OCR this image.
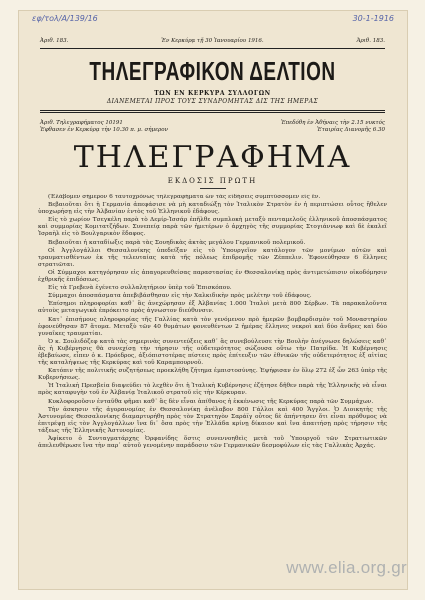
εφ/τολ/Α/139/16	30-1-1916
Ἀριθ. 183.	Ἐν Κερκύρᾳ τῇ 30 Ἰανουαρίου 1916.	Ἀριθ. 183.
ΤΗΛΕΓΡΑΦΙΚΟΝ ΔΕΛΤΙΟΝ
ΤΩΝ ΕΝ ΚΕΡΚΥΡΑ ΣΥΛΛΟΓΩΝ
ΔΙΑΝΕΜΕΤΑΙ ΠΡΟΣ ΤΟΥΣ ΣΥΝΔΡΟΜΗΤΑΣ ΔΙΣ ΤΗΣ ΗΜΕΡΑΣ
Ἀριθ. Τηλεγραφήματος 10191
Ἐφθασεν ἐν Κερκύρᾳ τὴν 10.30 π. μ. σήμερον
Ἐπεδόθη ἐν Ἀθήναις τὴν 2.15 νυκτός
Ἐταιρίας Διανομῆς 6.30
ΤΗΛΕΓΡΑΦΗΜΑ
ΕΚΔΟΣΙΣ ΠΡΩΤΗ

(Ἐλάβομεν σήμερον 6 ταυτοχρόνως τηλεγραφήματα ὧν τὰς εἰδήσεις συμπτύσσομεν εἰς ἕν.

Βεβαιοῦται ὅτι ἡ Γερμανία ἀπεφάσισε νὰ μὴ καταδιώξῃ τὸν Ἰταλικὸν Στρατὸν ἐν ἡ περιπτώσει οὗτος ἤθελεν ὑποχωρήσῃ εἰς τὴν Ἀλβανίαν ἐντὸς τοῦ Ἑλληνικοῦ ἐδάφους.

Εἰς τὸ χωρίον Τσεγκέλη παρὰ τὸ Δεμίρ-Ἱσσάρ ἐπῆλθε συμπλοκὴ μεταξὺ πενταμελοῦς ἑλληνικοῦ ἀποσπάσματος καὶ συμμορίας Κομιτατζήδων. Συνεπείᾳ παρὰ τῶν ἡμετέρων ὁ ἀρχηγὸς τῆς συμμορίας Στογιάννωφ καὶ δὲ ἐκαλεῖ Ἰσραὴλ εἰς τὸ Βουλγαρικὸν ἔδαφος.

Βεβαιοῦται ἡ καταδίωξις παρὰ τὰς Σουηδικὰς ἀκτὰς μεγάλου Γερμανικοῦ πολεμικοῦ.

Οἱ Ἀγγλογάλλοι Θεσσαλονίκης ὑπεδείξαν εἰς τὸ Ὑπουργεῖον κατάλογον τῶν μονίμων αὐτῶν καὶ τραυματισθέντων ἐκ τῆς τελευταίας κατὰ τῆς πόλεως ἐπιδρομῆς τῶν Ζέππελιν. Ἐφονεύθησαν 6 ἕλληνες στρατιῶται.

Οἱ Σύμμαχοι κατηγόρησαν εἰς ἀπαγορευθείσας παραστασίας ἐν Θεσσαλονίκῃ πρὸς ἀντιμετώπισιν οἰκοδόμησιν ἐχθρικῆς ἐπιδόσεως.

Εἰς τὰ Γρεβενὰ ἐγένετο συλλαλητήριον ὑπὲρ τοῦ Ἐπισκόπου.

Σύμμαχοι ἀποσπάσματα ἀπεβιβάσθησαν εἰς τὴν Χαλκιδικὴν πρὸς μελέτην τοῦ ἐδάφους.

Ἐπίσημοι πληροφορίαι καθ᾽ ἃς ἀνεχώρησαν ἐξ Ἀλβανίας 1.000 Ἰταλοὶ μετὰ 800 Σέρβων. Τὰ παρακαλοῦντα αὐτοὺς μεταγωγικὰ ἐπρόκειτο πρὸς ἀγνωστον διεύθυνσιν.

Κατ᾽ ἐπισήμους πληροφορίας τῆς Γαλλίας κατὰ τὸν γενόμενον πρὸ ἡμερῶν βομβαρδισμὸν τοῦ Μοναστηρίου ἐφονεύθησαν 87 ἄτομα. Μεταξὺ τῶν 40 θυμάτων φονευθέντων 2 ἡμέρας ἕλληνες νεκροὶ καὶ δύο ἄνδρες καὶ δύο γυναῖκες τραυματίαι.

Ὁ κ. Σουλιδόζεφ κατὰ τὰς σημερινὰς συνεντεύξεις καθ᾽ ἃς συνεβούλευσε τὴν Βουλὴν ἀνέγνωσε δηλώσεις καθ᾽ ἃς ἡ Κυβέρνησις θὰ συνεχίσῃ τὴν τήρησιν τῆς οὐδετερότητος σώζουσα οὕτω τὴν Πατρίδα. Ἡ Κυβέρνησις ἐβεβαίωσε, εἶπεν ὁ κ. Πρόεδρος, ἀξιόπιστοτέρας πίστεις πρὸς ἐπίτευξιν τῶν ἐθνικῶν τῆς οὐδετερότητος ἐξ αἰτίας τῆς καταλήψεως τῆς Κερκύρας καὶ τοῦ Καραμπουρνοῦ.

Κατόπιν τῆς πολιτικῆς συζητήσεως προεκλήθη ζήτημα ἐμπιστοσύνης. Ἐψήφισαν ἐν ὅλῳ 272 ἐξ ὧν 263 ὑπὲρ τῆς Κυβερνήσεως.

Ἡ Ἰταλικὴ Πρεσβεία διαψεύδει τὸ λεχθὲν ὅτι ἡ Ἰταλικὴ Κυβέρνησις ἐζήτησε δῆθεν παρὰ τῆς Ἑλληνικῆς νὰ εἶναι πρὸς καταφυγὴν τοῦ ἐν Ἀλβανίᾳ Ἰταλικοῦ στρατοῦ εἰς τὴν Κέρκυραν.

Κυκλοφοροῦσιν ἐνταῦθα φῆμαι καθ᾽ ἃς δὲν εἶναι ἀπίθανος ἡ ἐκκένωσις τῆς Κερκύρας παρὰ τῶν Συμμάχων.

Τὴν ἀσκησιν τῆς ἀγορανομίας ἐν Θεσσαλονίκῃ ἀνέλαβον 800 Γάλλοι καὶ 400 Ἄγγλοι. Ὁ Διοικητὴς τῆς Ἀστυνομίας Θεσσαλονίκης διαμαρτυρήθη πρὸς τὸν Στρατηγὸν Σαράϊγ οὗτος δὲ ἀπήντησεν ὅτι εἶναι πρόθυμος νὰ ἐπιτρέψῃ εἰς τὸν Ἀγγλογάλλων ἵνα δι᾽ ὅσα πρὸς τὴν Ἑλλάδα κρίνῃ δίκαιον καὶ ἴνα ἀπαιτήσῃ πρὸς τήρησιν τῆς τάξεως τῆς Ἑλληνικῆς Ἀστυνομίας.

Ἀφίκετο ὁ Συνταγματάρχης Ὀρφανίδης ὅστις συνεννοηθεὶς μετὰ τοῦ Ὑπουργοῦ τῶν Στρατιωτικῶν ἀπελευθέρωσε ἵνα τὴν παρ᾽ αὐτοῦ γενομένην παράδοσιν τῶν Γερμανικῶν δεσμοφύλων εἰς τὰς Γαλλικὰς Ἀρχάς.

www.elia.org.gr
